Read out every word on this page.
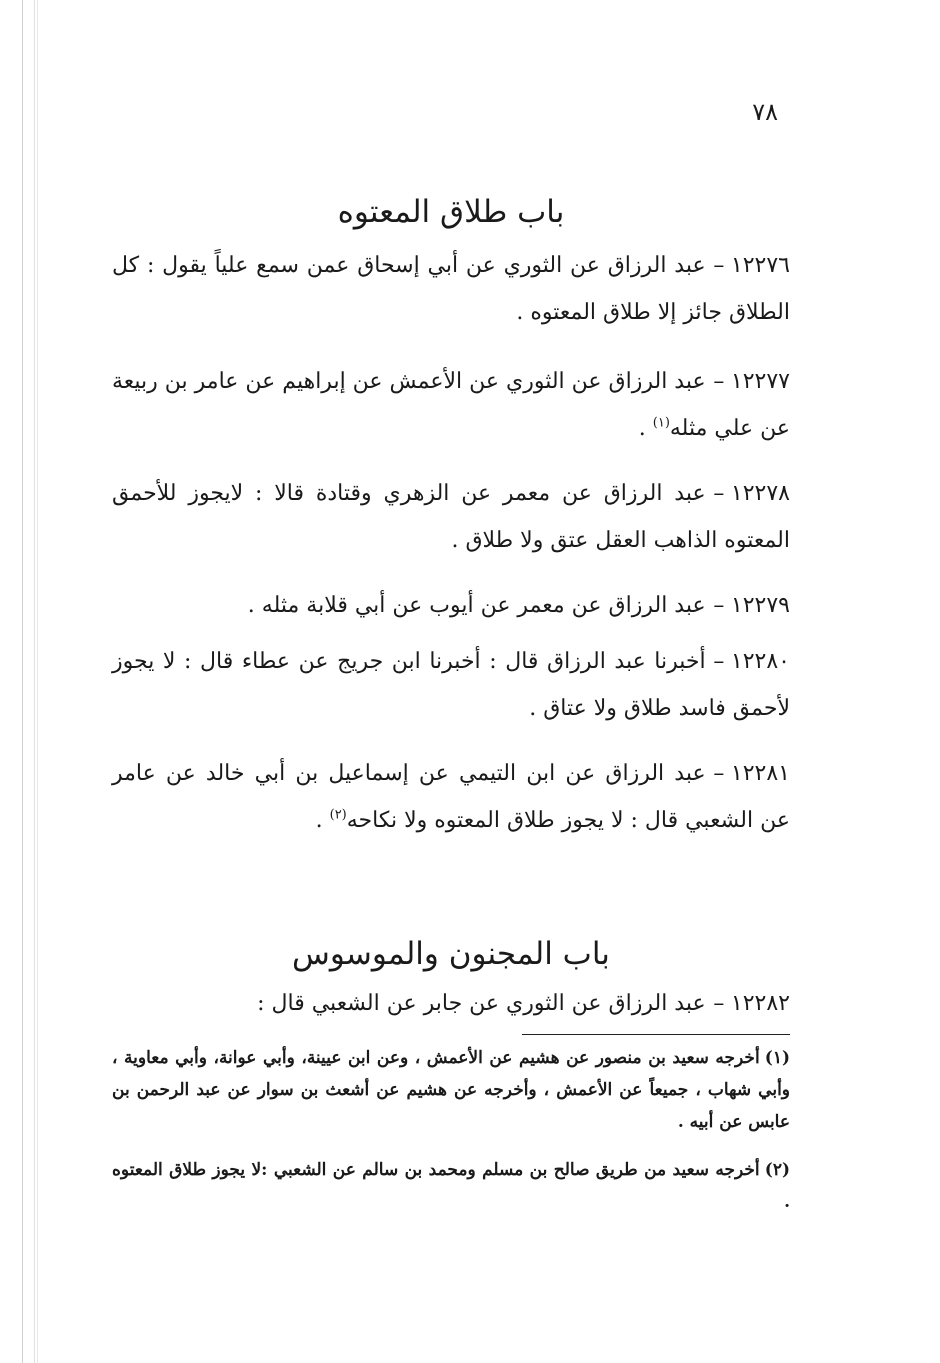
٧٨
باب طلاق المعتوه

١٢٢٧٦–عبد الرزاق عن الثوري عن أبي إسحاق عمن سمع علياً يقول : كل الطلاق جائز إلا طلاق المعتوه .

١٢٢٧٧–عبد الرزاق عن الثوري عن الأعمش عن إبراهيم عن عامر بن ربيعة عن علي مثله$^{(١)}$ .

١٢٢٧٨–عبد الرزاق عن معمر عن الزهري وقتادة قالا : لايجوز للأحمق المعتوه الذاهب العقل عتق ولا طلاق .

١٢٢٧٩–عبد الرزاق عن معمر عن أيوب عن أبي قلابة مثله .

١٢٢٨٠–أخبرنا عبد الرزاق قال : أخبرنا ابن جريج عن عطاء قال : لا يجوز لأحمق فاسد طلاق ولا عتاق .

١٢٢٨١–عبد الرزاق عن ابن التيمي عن إسماعيل بن أبي خالد عن عامر عن الشعبي قال : لا يجوز طلاق المعتوه ولا نكاحه$^{(٢)}$ .

باب المجنون والموسوس

١٢٢٨٢–عبد الرزاق عن الثوري عن جابر عن الشعبي قال :

(١)أخرجه سعيد بن منصور عن هشيم عن الأعمش ، وعن ابن عيينة، وأبي عوانة، وأبي معاوية ، وأبي شهاب ، جميعاً عن الأعمش ، وأخرجه عن هشيم عن أشعث بن سوار عن عبد الرحمن بن عابس عن أبيه .

(٢)أخرجه سعيد من طريق صالح بن مسلم ومحمد بن سالم عن الشعبي :لا يجوز طلاق المعتوه .
